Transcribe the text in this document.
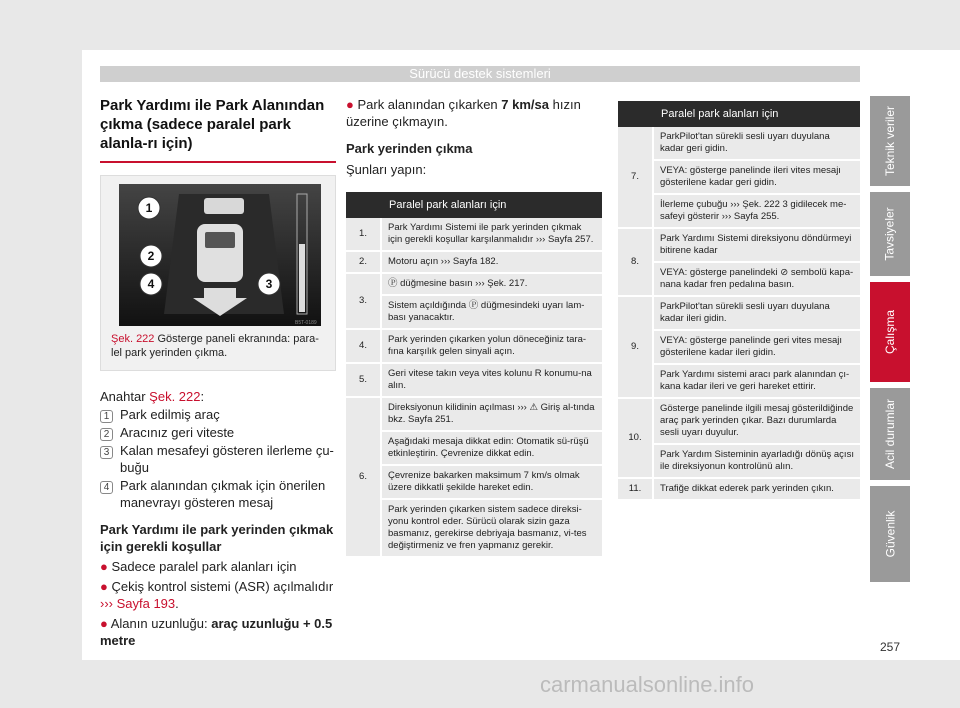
Sürücü destek sistemleri
Park Yardımı ile Park Alanından çıkma (sadece paralel park alanla-rı için)
B5T-0189
1
2
3
4
Şek. 222 Gösterge paneli ekranında: para-lel park yerinden çıkma.
Anahtar Şek. 222:
1 Park edilmiş araç
2 Aracınız geri viteste
3 Kalan mesafeyi gösteren ilerleme çu-buğu
4 Park alanından çıkmak için önerilen manevrayı gösteren mesaj
Park Yardımı ile park yerinden çıkmak için gerekli koşullar
● Sadece paralel park alanları için
● Çekiş kontrol sistemi (ASR) açılmalıdır ››› Sayfa 193.
● Alanın uzunluğu: araç uzunluğu + 0.5 metre
● Park alanından çıkarken 7 km/sa hızın üzerine çıkmayın.
Park yerinden çıkma
Şunları yapın:
	Paralel park alanları için
1.	Park Yardımı Sistemi ile park yerinden çıkmak için gerekli koşullar karşılanmalıdır ››› Sayfa 257.
2.	Motoru açın ››› Sayfa 182.
3.	Ⓟ düğmesine basın ››› Şek. 217.
	Sistem açıldığında Ⓟ düğmesindeki uyarı lam-bası yanacaktır.
4.	Park yerinden çıkarken yolun döneceğiniz tara-fına karşılık gelen sinyali açın.
5.	Geri vitese takın veya vites kolunu R konumu-na alın.
6.	Direksiyonun kilidinin açılması ››› ⚠ Giriş al-tında bkz. Sayfa 251.
	Aşağıdaki mesaja dikkat edin: Otomatik sü-rüşü etkinleştirin. Çevrenize dikkat edin.
	Çevrenize bakarken maksimum 7 km/s olmak üzere dikkatli şekilde hareket edin.
	Park yerinden çıkarken sistem sadece direksi-yonu kontrol eder. Sürücü olarak sizin gaza basmanız, gerekirse debriyaja basmanız, vi-tes değiştirmeniz ve fren yapmanız gerekir.
	Paralel park alanları için
7.	ParkPilot'tan sürekli sesli uyarı duyulana kadar geri gidin.
	VEYA: gösterge panelinde ileri vites mesajı gösterilene kadar geri gidin.
	İlerleme çubuğu ››› Şek. 222 3 gidilecek me-safeyi gösterir ››› Sayfa 255.
8.	Park Yardımı Sistemi direksiyonu döndürmeyi bitirene kadar
	VEYA: gösterge panelindeki ⊘ sembolü kapa-nana kadar fren pedalına basın.
9.	ParkPilot'tan sürekli sesli uyarı duyulana kadar ileri gidin.
	VEYA: gösterge panelinde geri vites mesajı gösterilene kadar ileri gidin.
	Park Yardımı sistemi aracı park alanından çı-kana kadar ileri ve geri hareket ettirir.
10.	Gösterge panelinde ilgili mesaj gösterildiğinde araç park yerinden çıkar. Bazı durumlarda sesli uyarı duyulur.
	Park Yardım Sisteminin ayarladığı dönüş açısı ile direksiyonun kontrolünü alın.
11.	Trafiğe dikkat ederek park yerinden çıkın.
Teknik veriler
Tavsiyeler
Çalışma
Acil durumlar
Güvenlik
257
carmanualsonline.info
